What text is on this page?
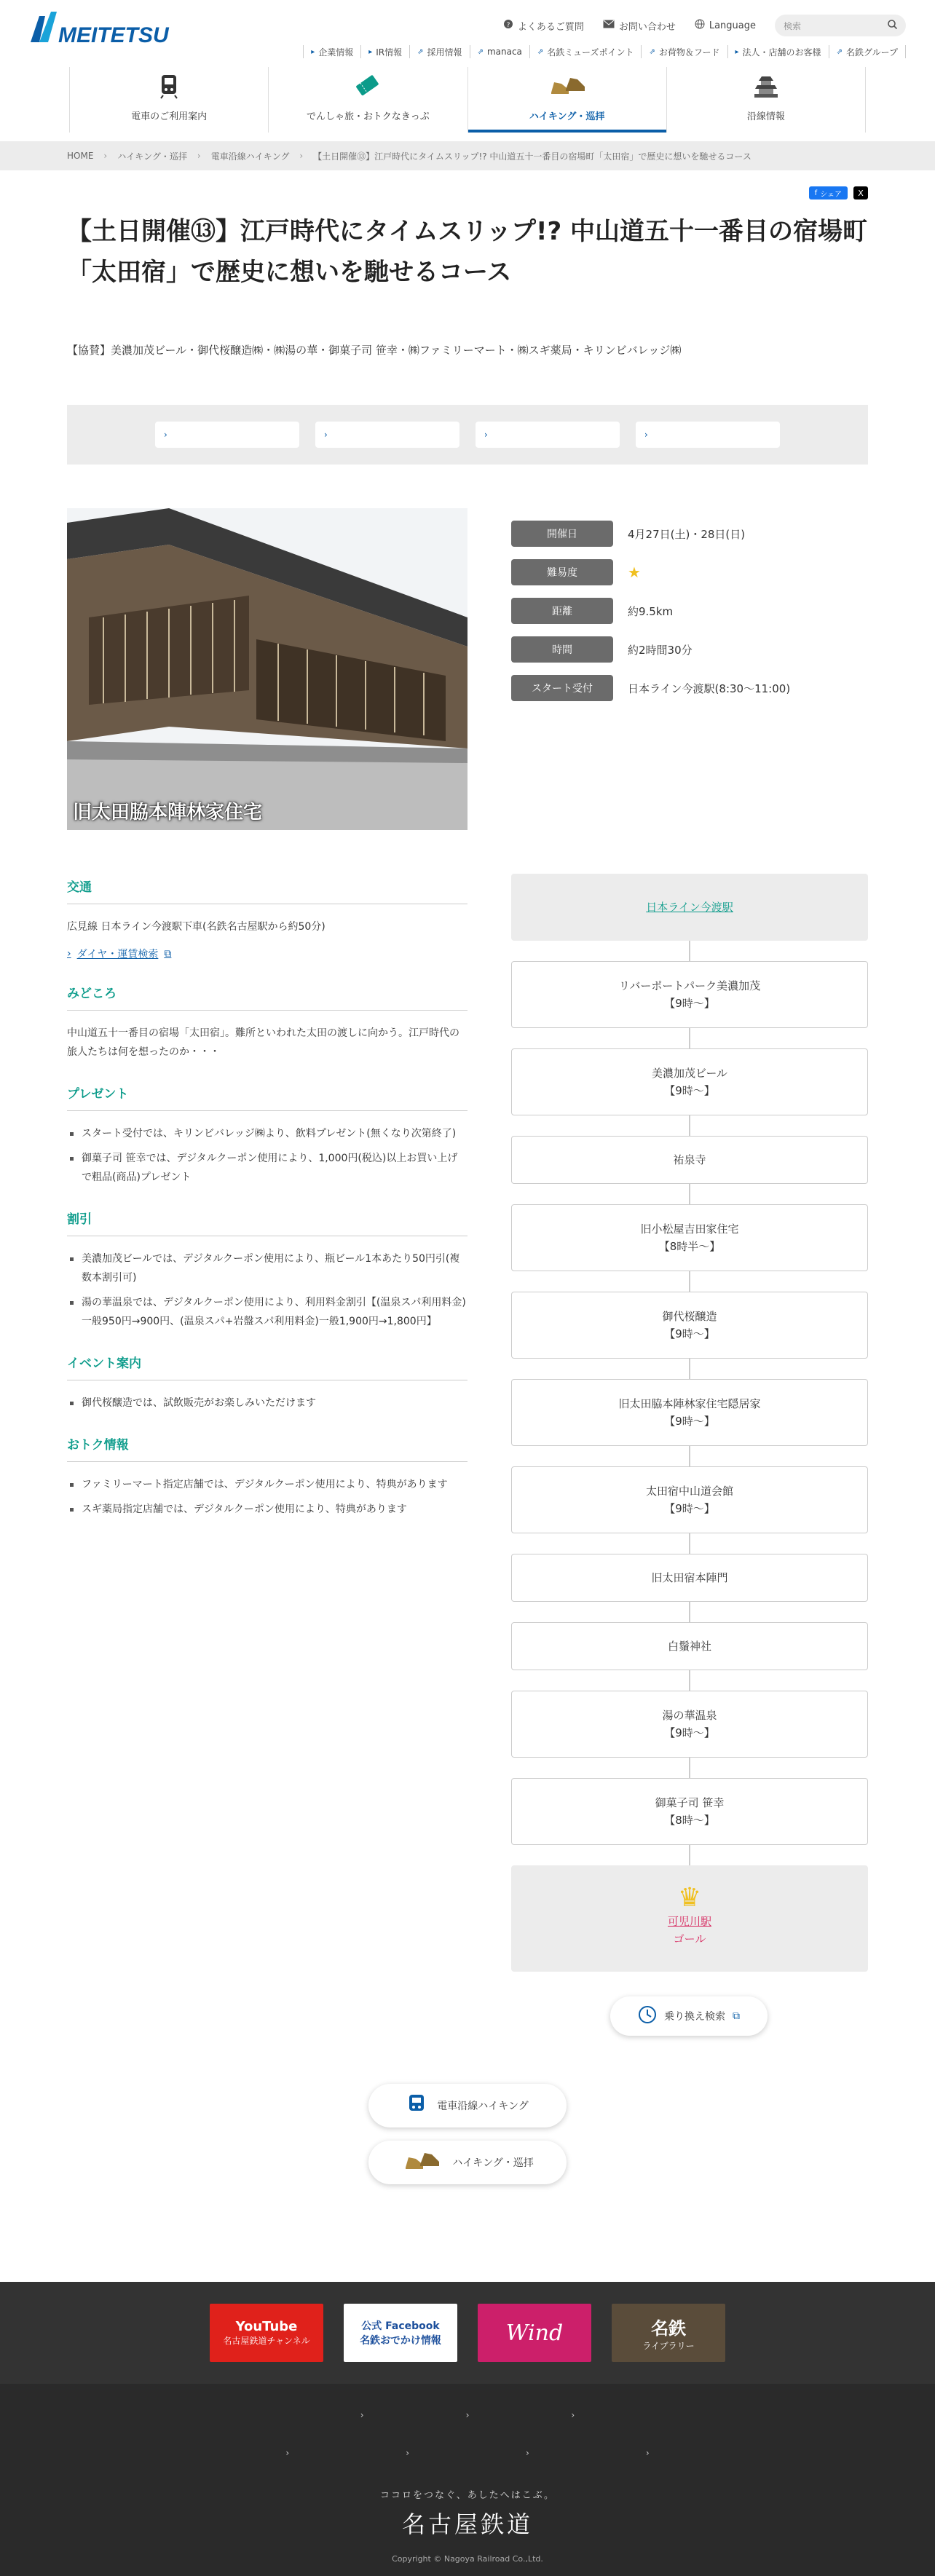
MEITETSU	? よくあるご質問	お問い合わせ	Language	検索
▸ 企業情報 ▸ IR情報 ⇗ 採用情報 ⇗ manaca ⇗ 名鉄ミューズポイント ⇗ お荷物＆フード ▸ 法人・店舗のお客様 ⇗ 名鉄グループ
電車のご利用案内	でんしゃ旅・おトクなきっぷ	ハイキング・巡拝	沿線情報
HOME › ハイキング・巡拝 › 電車沿線ハイキング › 【土日開催⑬】江戸時代にタイムスリップ!? 中山道五十一番目の宿場町「太田宿」で歴史に想いを馳せるコース
f シェア X
【土日開催⑬】江戸時代にタイムスリップ!? 中山道五十一番目の宿場町「太田宿」で歴史に想いを馳せるコース

【協賛】美濃加茂ビール・御代桜醸造㈱・㈱湯の華・御菓子司 笹幸・㈱ファミリーマート・㈱スギ薬局・キリンビバレッジ㈱

›	›	›	›
旧太田脇本陣林家住宅
開催日	4月27日(土)・28日(日)
難易度	★
距離	約9.5km
時間	約2時間30分
スタート受付	日本ライン今渡駅(8:30～11:00)
交通

広見線 日本ライン今渡駅下車(名鉄名古屋駅から約50分)

› ダイヤ・運賃検索 ⧉
みどころ

中山道五十一番目の宿場「太田宿」。難所といわれた太田の渡しに向かう。江戸時代の旅人たちは何を想ったのか・・・

プレゼント
スタート受付では、キリンビバレッジ㈱より、飲料プレゼント(無くなり次第終了)
御菓子司 笹幸では、デジタルクーポン使用により、1,000円(税込)以上お買い上げで粗品(商品)プレゼント
割引
美濃加茂ビールでは、デジタルクーポン使用により、瓶ビール1本あたり50円引(複数本割引可)
湯の華温泉では、デジタルクーポン使用により、利用料金割引【(温泉スパ利用料金)一般950円→900円、(温泉スパ+岩盤スパ利用料金)一般1,900円→1,800円】
イベント案内
御代桜醸造では、試飲販売がお楽しみいただけます
おトク情報
ファミリーマート指定店舗では、デジタルクーポン使用により、特典があります
スギ薬局指定店舗では、デジタルクーポン使用により、特典があります
日本ライン今渡駅
リバーポートパーク美濃加茂
【9時～】
美濃加茂ビール
【9時～】
祐泉寺
旧小松屋吉田家住宅
【8時半～】
御代桜醸造
【9時～】
旧太田脇本陣林家住宅隠居家
【9時～】
太田宿中山道会館
【9時～】
旧太田宿本陣門
白鬚神社
湯の華温泉
【9時～】
御菓子司 笹幸
【8時～】
♛
可児川駅
ゴール
乗り換え検索 ⧉
電車沿線ハイキング
ハイキング・巡拝
YouTube
名古屋鉄道チャンネル
公式 Facebook
名鉄おでかけ情報	Wind	名鉄
ライブラリー
›	›	›
›	›	›	›
ココロをつなぐ、あしたへはこぶ。
名古屋鉄道
Copyright © Nagoya Railroad Co.,Ltd.
